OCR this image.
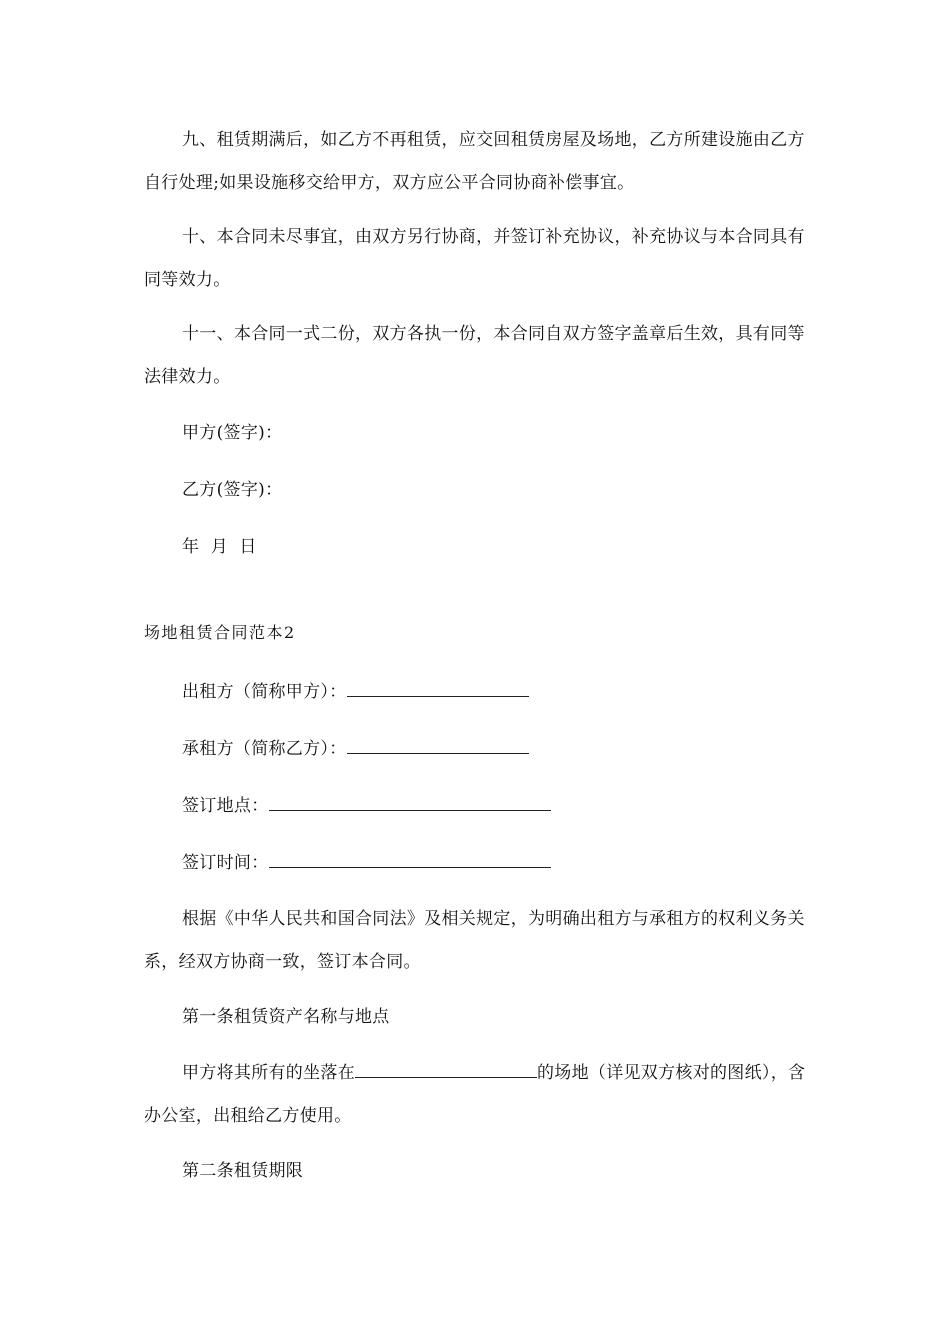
九、租赁期满后，如乙方不再租赁，应交回租赁房屋及场地，乙方所建设施由乙方自行处理;如果设施移交给甲方，双方应公平合同协商补偿事宜。

十、本合同未尽事宜，由双方另行协商，并签订补充协议，补充协议与本合同具有同等效力。

十一、本合同一式二份，双方各执一份，本合同自双方签字盖章后生效，具有同等法律效力。

甲方(签字)：

乙方(签字)：

年  月  日

场地租赁合同范本2

出租方（简称甲方）：
承租方（简称乙方）：
签订地点：
签订时间：

根据《中华人民共和国合同法》及相关规定，为明确出租方与承租方的权利义务关系，经双方协商一致，签订本合同。

第一条租赁资产名称与地点

甲方将其所有的坐落在	的场地（详见双方核对的图纸），含办公室，出租给乙方使用。

第二条租赁期限
